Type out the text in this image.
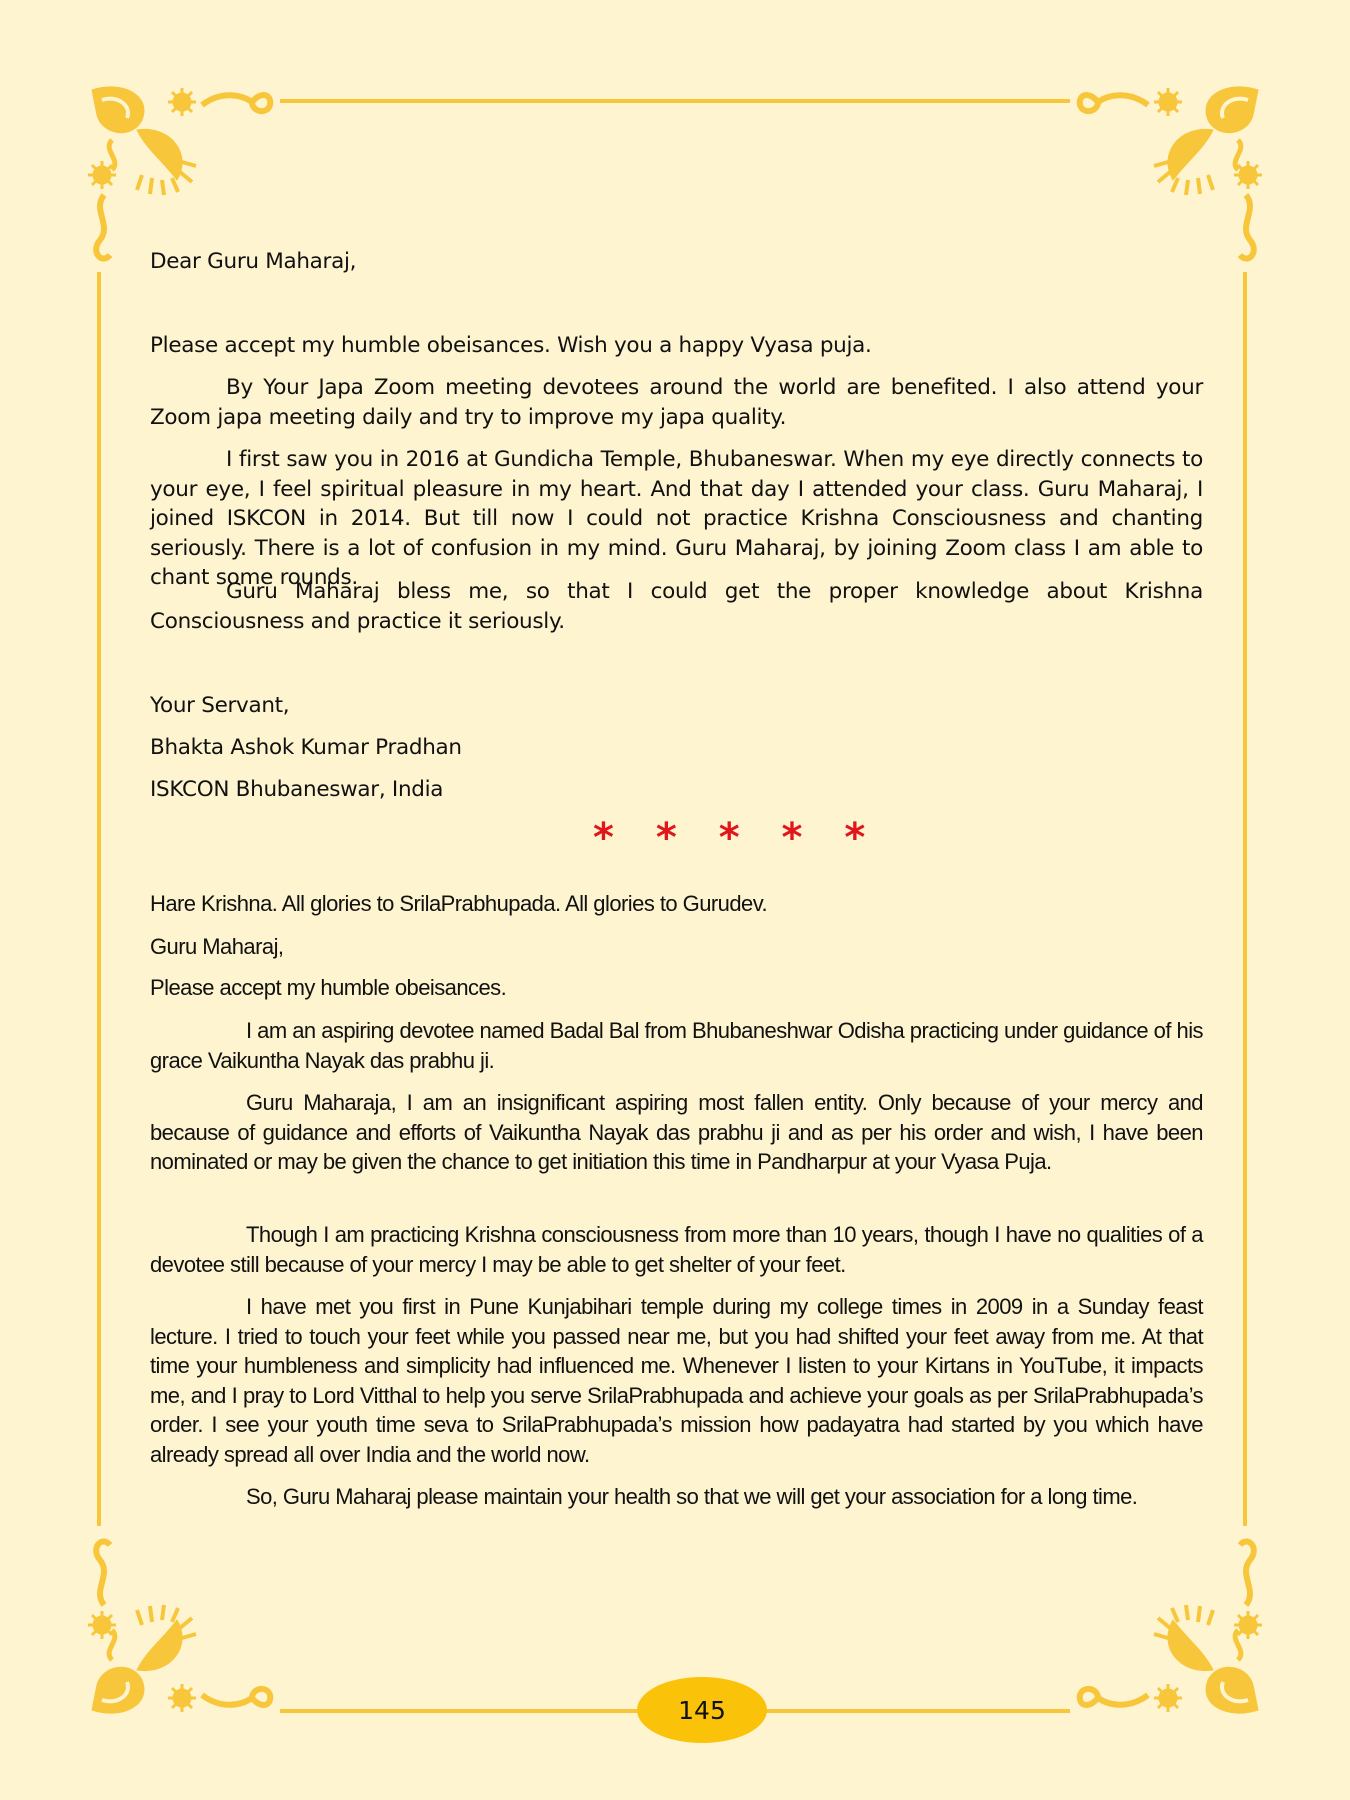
Dear Guru Maharaj,
Please accept my humble obeisances. Wish you a happy Vyasa puja.
By Your Japa Zoom meeting devotees around the world are benefited. I also attend your Zoom japa meeting daily and try to improve my japa quality.
I first saw you in 2016 at Gundicha Temple, Bhubaneswar. When my eye directly connects to your eye, I feel spiritual pleasure in my heart. And that day I attended your class. Guru Maharaj, I joined ISKCON in 2014. But till now I could not practice Krishna Consciousness and chanting seriously. There is a lot of confusion in my mind. Guru Maharaj, by joining Zoom class I am able to chant some rounds.
Guru Maharaj bless me, so that I could get the proper knowledge about Krishna Consciousness and practice it seriously.
Your Servant,
Bhakta Ashok Kumar Pradhan
ISKCON Bhubaneswar, India
* * * * *
Hare Krishna. All glories to SrilaPrabhupada. All glories to Gurudev.
Guru Maharaj,
Please accept my humble obeisances.
I am an aspiring devotee named Badal Bal from Bhubaneshwar Odisha practicing under guidance of his grace Vaikuntha Nayak das prabhu ji.
Guru Maharaja, I am an insignificant aspiring most fallen entity. Only because of your mercy and because of guidance and efforts of Vaikuntha Nayak das prabhu ji and as per his order and wish, I have been nominated or may be given the chance to get initiation this time in Pandharpur at your Vyasa Puja.
Though I am practicing Krishna consciousness from more than 10 years, though I have no qualities of a devotee still because of your mercy I may be able to get shelter of your feet.
I have met you first in Pune Kunjabihari temple during my college times in 2009 in a Sunday feast lecture. I tried to touch your feet while you passed near me, but you had shifted your feet away from me. At that time your humbleness and simplicity had influenced me. Whenever I listen to your Kirtans in YouTube, it impacts me, and I pray to Lord Vitthal to help you serve SrilaPrabhupada and achieve your goals as per SrilaPrabhupada’s order. I see your youth time seva to SrilaPrabhupada’s mission how padayatra had started by you which have already spread all over India and the world now.
So, Guru Maharaj please maintain your health so that we will get your association for a long time.
145
